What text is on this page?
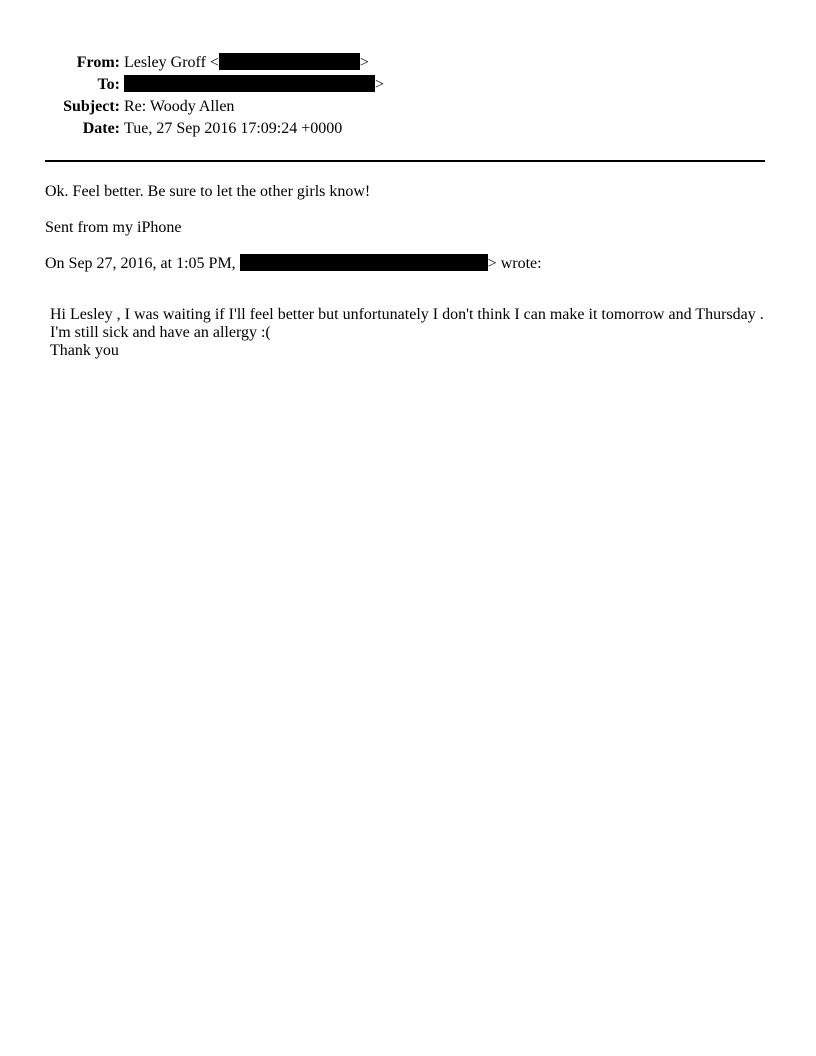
From: Lesley Groff <	>
To:	>
Subject: Re: Woody Allen
Date: Tue, 27 Sep 2016 17:09:24 +0000
Ok. Feel better. Be sure to let the other girls know!
Sent from my iPhone
On Sep 27, 2016, at 1:05 PM,	> wrote:
Hi Lesley , I was waiting if I'll feel better but unfortunately I don't think I can make it tomorrow and Thursday .
I'm still sick and have an allergy :(
Thank you
